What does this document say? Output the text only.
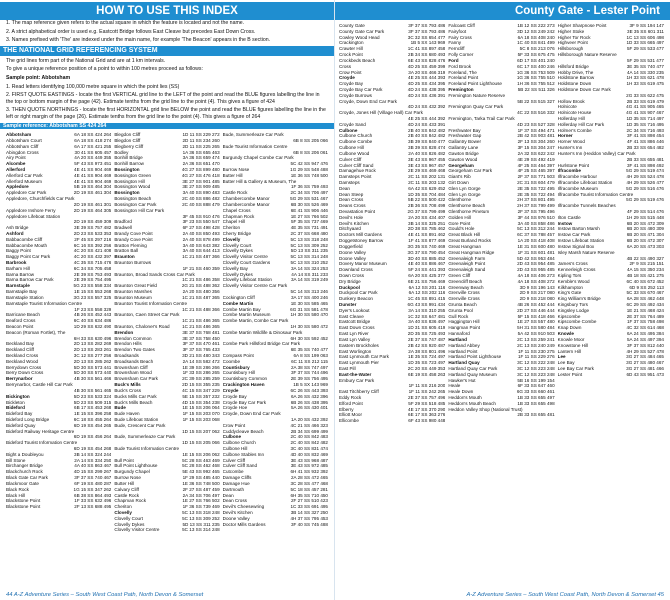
HOW TO USE THIS INDEX

1. The map reference given refers to the actual square in which the feature is located and not the name.

2. A strict alphabetical order is used e.g. Eastcott Bridge follows East Cleave but precedes East Down Cross.

3. Names prefixed with 'The' are indexed under the main name, for example 'The Beacon' appears in the B section.

THE NATIONAL GRID REFERENCING SYSTEM

The grid lines form part of the National Grid and are at 1 km intervals.

To give a unique reference position of a point to within 100 metres proceed as follows:

Sample point: Abbotsham

1. Read letters identifying 100,000 metre square in which the point lies (SS)

2. FIRST QUOTE EASTINGS - locate the first VERTICAL grid line to the LEFT of the point and read the BLUE figures labelling the line in the top or bottom margin of the page (42). Estimate tenths from the grid line to the point (4). This gives a figure of 424

3. THEN QUOTE NORTHINGS - locate the first HORIZONTAL grid line BELOW the point and read the BLUE figures labelling the line in the left or right margin of the page (26). Estimate tenths from the grid line to the point (4). This gives a figure of 264

Sample reference: Abbotsham SS 424 264

Abbotsham	6A 18 SS 424 264
Abbotsham Court	6A 18 SS 418 274
Abbotsham Cliff	6A 17 SS 421 255
Abingdon Cross	30 41 SS 605 457
Airy Point	4A 20 SS 449 355
Alcombe	5F 43 SS 973 451
Allerford	4E 41 SS 904 469
Allerford Car Park	4E 41 SS 904 469
Allerford Museum	4E 41 SS 904 469
Appledore	5B 19 SS 464 304
Appledore Car Park	2D 19 SS 461 304
Appledore, Churchfields Car Park
2D 19 SS 461 301
Appledore Inshore Ferry	2D 19 SS 464 305
Appledore Lifeboat Station
2D 19 SS 459 309
Ash Bridge	3E 39 SS 757 482
Ashford	2D 23 SS 533 353
Babbacombe Cliff	2F 45 SS 297 216
Babbacombe Mouth	6C 16 SS 392 256
Baggy Point	4C 20 SS 421 408
Baggy Point Car Park	4C 20 SS 432 397
Barbrook	4C 35 SS 715 476
Barham Hill	6C 34 SS 705 458
Barna Barrow	2E 39 SS 753 493
Barna Barrow Car Park	2E 39 SS 754 495
Barnstaple	5G 23 SS 558 334
Barnstaple Bay	1E 15 SS 553 268
Barnstaple Station	3G 23 SS 557 325
Barnstaple Tourist Information Centre
1F 23 SS 558 329
Barricane Beach	4B 26 SS 452 443
Beaford Cross	6C 40 SS 634 486
Beacon Point	1D 29 SS 632 490
Beacon (Roman Fortlet), The
6H 33 SS 630 496
Beckland Bay	2D 13 SS 282 269
Beckland Cliff	2D 13 SS 283 261
Beckland Cross	3C 12 SS 277 256
Beckland Wood	2D 13 SS 285 262
Berrydown Cross	5D 30 SS 573 441
Berry Down Cross	5D 30 SS 573 440
Berrynarbor	4B 30 SS 561 466
Berrynarbor, Castle Hill Car Park
4B 30 SS 561 465
Bickington	5D 23 SS 533 324
Bickleton	5D 23 SS 509 315
Bideford	6B 17 SS 453 268
Bideford Bay	1E 15 SS 396 258
Bideford Long Bridge	6C 18 SS 455 264
Bideford Quay	6D 19 SS 454 265
Bideford Railway Heritage Centre
6D 19 SS 456 264
Bideford Tourist Information Centre
6D 19 SS 454 268
Bight a Doubleyou	3B 14 SS 324 244
Bill Stone	2A 14 SS 334 250
Birchanger Bridge	4A 40 SS 863 467
Blackchurch Rock	4D 15 SS 299 267
Black Gate Car Park	3F 37 SS 740 467
Blackmoor Gate	6F 19 SS 480 287
Black Rock	1G 15 SS 347 262
Black Hill	6B 38 SS 864 493
Blackstone Point	1F 33 SS 632 496
Blackstone Point	2F 13 SS 688 495
Blegdon Cliff	1D 11 SS 229 272
Blegdon Cliff	2D 11 SS 234 260
Blegberry Cliff	2D 11 SS 225 265
Bodley	1A 36 SS 655 463
Bonhill Bridge	3A 36 SS 659 474
Bonhill Barrow	2A 36 SS 651 470
Bossington	4G 27 SS 899 480
Bossington Green	4G 27 SS 476 418
Bossington Hill	3E 27 SS 901 485
Bossington Wood	3E 27 SS 909 485
Bossington	3A 40 SS 890 483
Bossington Beach	2C 40 SS 886 482
Bossington Car Park	2C 40 SS 888 479
Bossington Hill Car Park
3F 45 SS 910 476
Bradford	3F 23 SS 550 547
Bradwell	6F 27 SS 498 428
Brandy Cove Point	2A 40 SS 850 493
Brandy Cove Point	2A 40 SS 878 499
Bratton Fleming	3A 40 SS 643 382
Bratton Ball	3A 40 SS 644 413
Braunton	1C 21 SS 487 366
Braunton Burrows
1F 21 SS 460 359
Braunton, Broad Sands Cross Car Park
1C 21 SS 486 358
Braunton Great Field	2G 21 SS 488 362
Braunton Marshes	2A 20 SS 480 356
Braunton Museum	1C 21 SS 487 365
Braunton Tourist Information Centre
1C 21 SS 488 366
Braunton, Caen Street Car Park
1C 21 SS 486 365
Braunton, Chaloner's Road	1C 21 SS 486 365
Brendon	3E 37 SS 768 481
Brendon Common	3E 37 SS 758 450
Brendon Hills	3F 37 SS 470 461
Brendon Two Gates	3F 37 SS 765 433
Broadsands	3D 21 SS 480 343
Broadsands Beach	2A 14 SS 582 472
Brownsham Cliff	1E 39 SS 286 266
Brownsham Wood	1F 33 SS 286 265
Brownsham Car Park	2C 39 SS 285 259
Buck's Mills	2D 15 SS 355 235
Buck's Cross	4C 15 SS 347 229
Bucks Mills Car Park	5E 15 SS 357 232
Buck's Mills Beach	4D 15 SS 354 238
Bude	1E 15 SS 206 064
Bude Haven	1F 15 SS 203 070
Bude Lifeboat Station	1F 15 SS 203 068
Bude, Crescent Car Park
1D 15 SS 207 062
Bude, Summerleaze Car Park
1D 15 SS 205 066
Bude Tourist Information Centre
1E 15 SS 206 062
Bull Point	5C 28 SS 463 469
Bull Point Lighthouse	5C 28 SS 462 468
Burgundy Chapel	5E 43 SS 992 465
Burrow Nose	1F 29 SS 485 440
Butter Hill	1E 36 SS 748 500
Calvary Cliff	2F 27 SS 487 459
Castle Rock	2A 34 SS 706 497
Chapman Rock	1E 27 SS 766 502
Cheriton	1F 36 SS 739 469
Clovelly	5C 13 SS 318 248
Clovelly Court	5C 13 SS 309 252
Clovelly Dykes	5D 13 SS 311 235
Clovelly Visitor Centre	5C 13 SS 314 248
Bude, Summerleaze Car Park
6B 8 SS 205 066
Bude Tourist Information Centre
6B 8 SS 206 061
Burgundy Chapel Combe Car Park
5C 42 SS 947 476
Burrow Nose	1G 29 SS 548 488
Butter Hill	1E 36 SS 748 500
Butter Hill & Gallery & Museum, The
1F 36 SS 759 493
Castle Rock	2C 34 SS 706 497
Chambercombe Manor	5G 29 SS 531 467
Chambercombe Manor	6B 30 SS 526 469
Chapel Cross	6E 41 SS 906 446
Chapman Rock	1E 27 SS 766 502
Chapel Hill	5F 35 SS 737 469
Cheriton	4E 35 SS 731 491
Cherry Bridge	2C 37 SS 668 480
Clovelly	5C 13 SS 318 248
Clovelly Court	5C 13 SS 309 252
Clovelly Dykes	5D 13 SS 311 235
Clovelly Visitor Centre	5C 13 SS 314 248
Clovelly Court Gardens	5C 13 SS 310 252
Clovelly Bay	3A 14 SS 324 253
Clovelly Dykes	4A 14 SS 311 233
Clovelly Lifeboat Station	3A 14 SS 319 249
Clovelly Visitor Centre Car Park
5C 14 SS 313 246
Cockington Cliff	3A 17 SS 400 246
Combe Martin	1E 30 SS 585 465
Combe Martin Bay	6G 31 SS 581 478
Combe Martin Museum	1H 30 SS 580 470
Combe Martin, Combe Car Park
1H 30 SS 580 472
Combe Martin Wildlife & Dinosaur Park
6H 30 SS 592 452
Combe Park Hillsford Bridge Car Park
6E 35 SS 740 477
Compass Point	6A 8 SS 199 063
Coombe	6C 11 SS 212 115
Countisbury	2A 38 SS 747 497
Countisbury Hill	3F 37 SS 744 496
Countisbury Common	2E 39 SS 756 495
Crackington Haven	1B 5 SX 143 969
Croyde	6C 26 SS 443 393
Croyde Bay	6A 26 SS 432 396
Croyde Bay Car Park	6B 26 SS 438 395
Croyde Hoe	5A 26 SS 430 401
Croyde, Down End Car Park
1A 20 SS 432 392
Crow Point	4C 21 SS 466 323
Cuddycleave Beach	2B 34 SS 699 499
Culbone	2C 40 SS 842 483
Culbone Church	2C 40 SS 842 482
Culbone Hill	3C 40 SS 831 474
Culbone Stables Inn	4D 40 SS 832 469
Culver Cliff	3E 43 SS 968 487
Culver Cliff Sand	3E 43 SS 972 485
Cutcombe	6H 41 SS 932 392
Damage Cliffs	2A 28 SS 472 465
Damage Hue	3C 28 SS 477 468
Dartmouth	5C 18 SS 457 281
Dean	6H 35 SS 710 450
Dean Cross	2F 27 SS 510 423
Devil's Cheesewring	1C 33 SS 691 495
Devil's Kitchen	3B 14 SS 327 250
Doone Valley	4H 37 SS 795 453
Doctor Mills Gardens	3F 40 SS 745 488
44 A-Z Adventure Series – South West Coast Path, North Devon & Somerset
County Gate - Lester Point
County Gate	3F 37 SS 793 486
County Gate Car Park	3F 37 SS 793 486
Cowley Wood Head	3C 32 SS 654 477
Crackington	1B 5 SX 143 969
Crawter Hill	1C 41 SS 897 458
Crock Point	2B 34 SS 680 493
Crockbeds Beach	6E 43 SS 828 476
Cross	4D 25 SS 459 399
Crow Point	3A 20 SS 466 319
Croyde	4E 25 SS 444 393
Croyde Bay	4D 25 SS 434 395
Croyde Bay Car Park	4D 24 SS 438 395
Croyde Burrows	4D 24 SS 436 391
Croyde, Down End Car Park
4D 24 SS 432 392
Croyde, Jones Hill (Village Hall) Car Park
4E 25 SS 444 392
Croyde Sand	4D 24 SS 433 391
Culbone	2B 40 SS 842 482
Culbone Church	2B 40 SS 842 482
Culbone Combe	3B 39 SS 840 477
Culbone Hill	3B 39 SS 828 474
Culbone Wood	2A 40 SS 826 482
Culver Cliff	3E 43 SS 967 455
Culver Cliff Sand	3E 43 SS 967 457
Damagehue Rock	2E 29 SS 469 468
Damsteps Point	2C 11 SS 202 131
Damsteps	2C 11 SS 203 132
Dean	6A 42 SS 629 452
Dean Steep	1D 35 SS 704 484
Dean Cross	5B 22 SS 500 422
Deans Cross	2B 36 SS 708 499
Devastation Point	2G 37 SS 799 499
Devil's Hole	2A 20 SS 434 407
Devil's Kitchen	3B 14 SS 325 251
Ditchyaard	2D 38 SS 785 462
Doctors Mill Gardens	4E 41 SS 891 462
Doggetstoney Barrow	1F 41 SS 877 469
Doggerfield	3G 35 SS 740 469
Doone Valley	3G 37 SS 790 454
Doone Valley	3D 40 SS 885 452
Dovery Manor Museum	4E 40 SS 886 467
Downland Cross	5F 24 SS 441 393
Down Cross	6A 20 SS 425 377
Dry Bridge	6E 21 SS 756 469
Duckpool	6A 12 SS 201 116
Duckpool Car Park	6A 12 SS 202 116
Dunkery Beacon	1C 45 SS 891 415
Dunster	6G 43 SS 991 434
Dyer's Lookout	3A 14 SS 310 255
East Cleave	1C 32 SS 647 481
Eastcott Bridge	3A 40 SS 836 497
East Down Cross	1D 31 SS 605 419
East Lyn River	2D 35 SS 725 493
East Lyn Valley	2E 37 SS 747 487
Eastern Brockholes	2B 42 SS 920 487
East Worlington	2A 38 SS 801 496
East Lynmouth Car Park	1E 35 SS 724 497
East Lynmouth Pier	1D 35 SS 723 497
East Pill	2C 20 SS 449 353
East-the-Water	6E 19 SS 458 263
Embury Car Park
1F 11 SS 216 200
East Titchberry Cliff	1F 11 SS 242 265
Eddy Rock	2E 37 SS 757 496
Elford Point	5F 29 SS 518 485
Elberry	4E 17 SS 370 290
Elliott Moor	6E 17 SS 363 276
Ellicombe	6F 43 SS 980 448
Falcoast Cliff	1B 12 SS 222 273
Fairyfoot	3D 12 SS 249 242
Fairy Cross	6A 18 SS 408 240
Fanny	1C 40 SS 841 499
Ferncliff	5C 8 SS 213 076
Folly Corner	5F 33 SS 675 475
Ford	6D 17 SS 401 240
Ford Brook	6C 17 SS 400 246
Foreland, The	1G 36 SS 753 509
Foreland Point	1G 36 SS 755 510
Foreland Point Lighthouse	1H 36 SS 755 512
Fremington	5B 22 SS 511 326
Fremington Nature Reserve
5B 22 SS 515 327
Fremington Quay Car Park
4C 22 SS 516 332
Fremington, Tarka Trail Car Park
4D 23 SS 527 328
Freshwater Bay	1F 37 SS 494 471
Freshwater Gap	2B 42 SS 903 481
Gallantry Bower	2F 13 SS 304 260
Gallantry Lane	3F 15 SS 304 247
Gawton Bridge	2A 32 SS 622 242
Gawton Wood	4E 29 SS 492 419
Georgeham	4F 25 SS 464 397
Georgeham Car Park	4F 25 SS 465 397
Giant's Rib	2F 37 SS 771 503
Girt Down	2C 31 SS 604 479
Glen Lyn Gorge	2E 35 SS 722 495
Glen Lyn Gorge	2E 35 SS 722 494
Glenthorne	2H 37 SS 801 495
Glenthorne Beach	2H 37 SS 799 499
Glenthorne Pinetum	2F 37 SS 795 496
Golden Hill	3F 44 SS 976 510
Gore Point	3A 40 SS 858 486
Gould's Hole	5C 13 SS 312 244
Great Black Hill	6C 37 SS 788 457
Great Burland Rocks	1A 20 SS 418 408
Great Hangman	1E 31 SS 600 480
Great Hangman Ridge	1F 31 SS 601 481
Greenaleigh Farm	5D 42 SS 953 484
Greenaleigh Point	2D 43 SS 954 485
Greenaleigh Sand	2D 43 SS 955 485
Green Cliff	4A 18 SS 406 273
Greencliff Beach	4A 18 SS 408 272
Greenway Beach	3D 9 SS 196 143
Grenville Cross	2D 9 SS 217 080
Grenville Cross	2D 9 SS 218 080
Grunta Beach	4B 26 SS 452 444
Grunta Pool	2D 27 SS 446 444
Gull Rock	5F 15 SS 418 466
Haggington Hill	1E 27 SS 557 480
Hangman Point	5H 31 SS 580 484
Hannaford	5A 42 SS 910 503
Hartland	2C 13 SS 259 241
Hartland Abbey	2C 13 SS 240 249
Hartland Point	1F 11 SS 230 275
Hartland Point Lighthouse	1F 11 SS 229 276
Hartland Quay	3C 12 SS 222 248
Hartland Quay Car Park	3C 12 SS 223 248
Hartland Quay Museum	3C 12 SS 223 248
Hawker's Hut	5B 16 SS 199 154
Heale	6F 33 SS 647 460
Heale Down	6G 33 SS 660 461
Heddon's Mouth	1B 33 SS 655 497
Heddon's Mouth Beach	1B 33 SS 655 498
Heddon Valley Shop (National Trust)
2B 33 SS 655 481
Higher Sharpnose Point	3F 9 SS 194 147
Higher Stoke	3E 35 SS 601 311
Higher Tor Rock	1C 13 SS 606 498
Highveer Point	1D 33 SS 665 497
Hillsborough	5F 29 SS 533 477
Hillsborough Nature Reserve
5F 29 SS 531 477
Hillsford Bridge	3E 35 SS 740 477
Hobby Drive, The	4A 14 SS 330 235
Holdstone Barrow	1H 33 SS 621 478
Holdstone Down	1H 33 SS 619 475
Holdstone Down Car Park
2G 33 SS 622 475
Hollow Brook	2B 33 SS 619 479
Holnicote	4G 41 SS 905 465
Holnicote House	4G 41 SS 907 467
Hollerday Hill	1D 35 SS 714 497
Hollerday Hill Car Park	1D 35 SS 716 495
Holmer's Combe	2C 34 SS 716 493
Horner	3F 41 SS 898 454
Horner Wood	4F 41 SS 886 446
Hunter's Inn	2B 33 SS 654 482
Hunter's Inn (Heddon Valley) Car Park
2B 33 SS 655 481
Hurlstone Point	3F 41 SS 898 492
Ilfracombe	5G 29 SS 519 474
Ilfracombe Harbour	4H 29 SS 524 478
Ilfracombe Lifeboat Station	4H 29 SS 526 477
Ilfracombe Museum	5G 29 SS 516 476
Ilfracombe Tourist Information Centre
5G 29 SS 519 476
Ilfracombe Tunnels Beaches
4F 29 SS 514 476
Ilton Castle	1H 29 SS 515 448
Instow	6B 20 SS 472 309
Instow Barton Marsh	6B 20 SS 480 309
Instow Car Park	6B 20 SS 471 304
Instow Lifeboat Station	6B 20 SS 472 307
Instow Signal Box	6A 20 SS 473 303
Isley Marsh Nature Reserve
4B 22 SS 490 327
James's Cross	2F 9 SS 215 151
Kennerleigh Cross	4A 15 SS 350 234
Kipling Tors	4B 18 SS 421 275
Kemble's Wood	6C 40 SS 672 452
Kilkhampton	6D 9 SS 252 113
King's Gate	5C 33 SS 670 467
King William's Bridge	6A 28 SS 462 448
Kingsbury Tors	6C 29 SS 492 434
Kingsley Lodge	1E 21 SS 468 424
Kipscombe	2E 37 SS 764 489
Kipscombe Combe	1F 37 SS 758 498
Knap Down	4C 32 SS 614 468
Knowle	6A 24 SS 495 384
Knowle Moor	5A 24 SS 497 394
Knowstone Hill	3F 37 SS 812 440
Lantern Hill	4H 29 SS 527 478
Lee	3G 27 SS 484 465
Lee Bay	3G 27 SS 480 467
Lee Bay Car Park	3G 27 SS 481 466
Lester Point	6D 43 SS 951 473
A-Z Adventure Series – South West Coast Path, North Devon & Somerset 45
